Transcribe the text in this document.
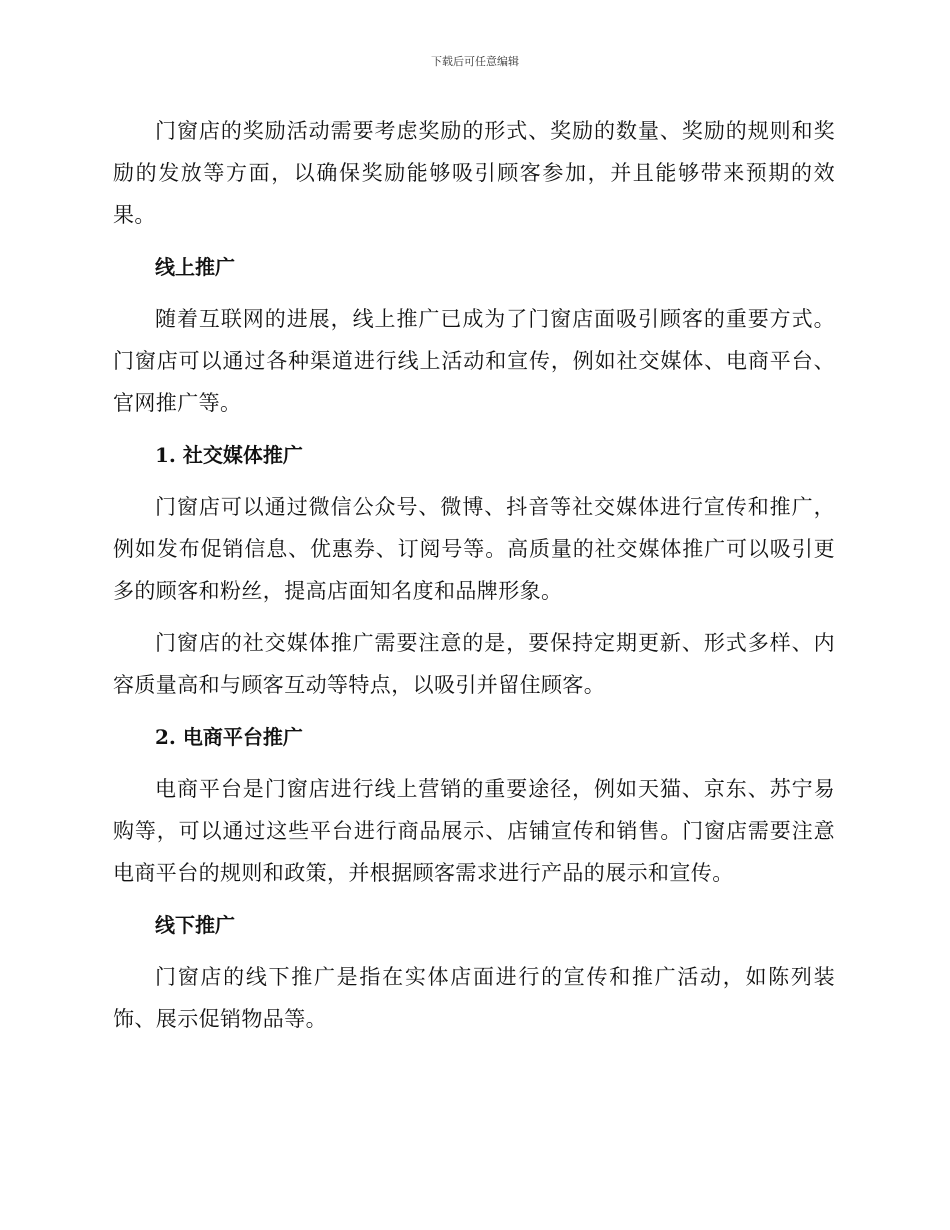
下载后可任意编辑

门窗店的奖励活动需要考虑奖励的形式、奖励的数量、奖励的规则和奖励的发放等方面，以确保奖励能够吸引顾客参加，并且能够带来预期的效果。

线上推广

随着互联网的进展，线上推广已成为了门窗店面吸引顾客的重要方式。门窗店可以通过各种渠道进行线上活动和宣传，例如社交媒体、电商平台、官网推广等。

1. 社交媒体推广

门窗店可以通过微信公众号、微博、抖音等社交媒体进行宣传和推广，例如发布促销信息、优惠券、订阅号等。高质量的社交媒体推广可以吸引更多的顾客和粉丝，提高店面知名度和品牌形象。

门窗店的社交媒体推广需要注意的是，要保持定期更新、形式多样、内容质量高和与顾客互动等特点，以吸引并留住顾客。

2. 电商平台推广

电商平台是门窗店进行线上营销的重要途径，例如天猫、京东、苏宁易购等，可以通过这些平台进行商品展示、店铺宣传和销售。门窗店需要注意电商平台的规则和政策，并根据顾客需求进行产品的展示和宣传。

线下推广

门窗店的线下推广是指在实体店面进行的宣传和推广活动，如陈列装饰、展示促销物品等。
